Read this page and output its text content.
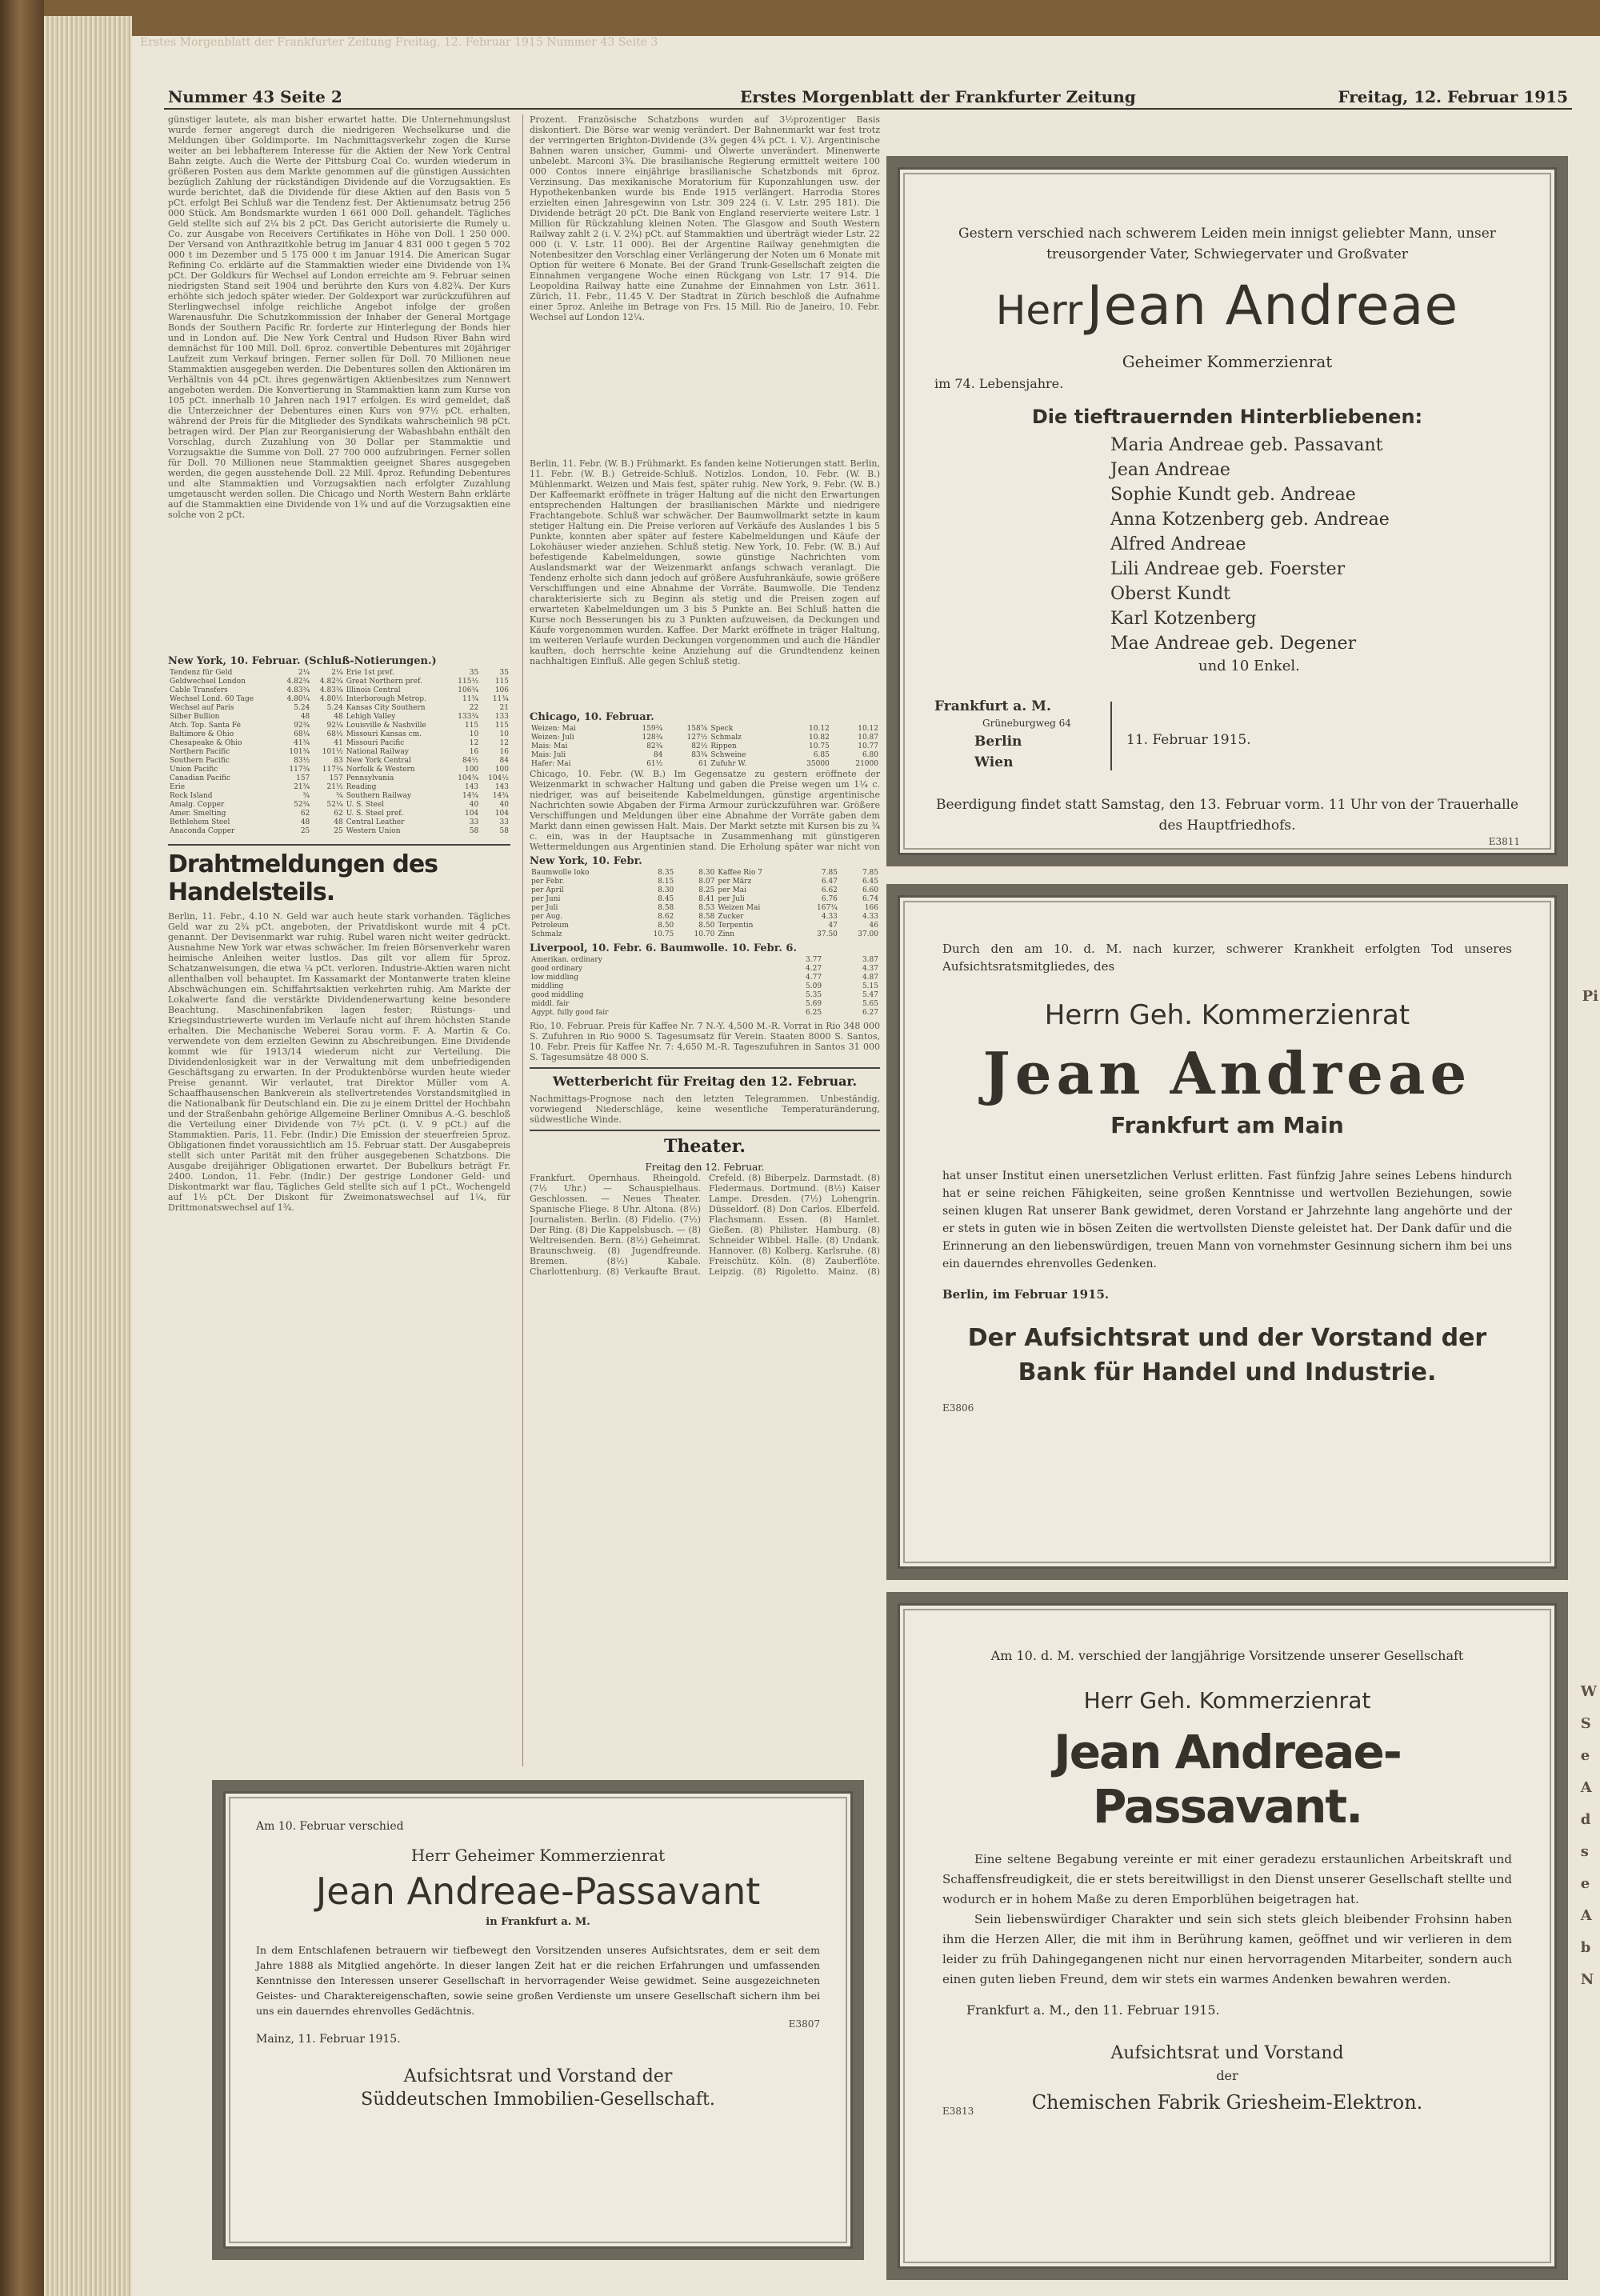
Erstes Morgenblatt der Frankfurter Zeitung Freitag, 12. Februar 1915 Nummer 43 Seite 3
Nummer 43 Seite 2	Erstes Morgenblatt der Frankfurter Zeitung	Freitag, 12. Februar 1915

günstiger lautete, als man bisher erwartet hatte. Die Unternehmungslust wurde ferner angeregt durch die niedrigeren Wechselkurse und die Meldungen über Goldimporte. Im Nachmittagsverkehr zogen die Kurse weiter an bei lebhafterem Interesse für die Aktien der New York Central Bahn zeigte. Auch die Werte der Pittsburg Coal Co. wurden wiederum in größeren Posten aus dem Markte genommen auf die günstigen Aussichten bezüglich Zahlung der rückständigen Dividende auf die Vorzugsaktien. Es wurde berichtet, daß die Dividende für diese Aktien auf den Basis von 5 pCt. erfolgt Bei Schluß war die Tendenz fest. Der Aktienumsatz betrug 256 000 Stück. Am Bondsmarkte wurden 1 661 000 Doll. gehandelt. Tägliches Geld stellte sich auf 2¼ bis 2 pCt. Das Gericht autorisierte die Rumely u. Co. zur Ausgabe von Receivers Certifikates in Höhe von Doll. 1 250 000. Der Versand von Anthrazitkohle betrug im Januar 4 831 000 t gegen 5 702 000 t im Dezember und 5 175 000 t im Januar 1914. Die American Sugar Refining Co. erklärte auf die Stammaktien wieder eine Dividende von 1¾ pCt. Der Goldkurs für Wechsel auf London erreichte am 9. Februar seinen niedrigsten Stand seit 1904 und berührte den Kurs von 4.82¾. Der Kurs erhöhte sich jedoch später wieder. Der Goldexport war zurückzuführen auf Sterlingwechsel infolge reichliche Angebot infolge der großen Warenausfuhr. Die Schutzkommission der Inhaber der General Mortgage Bonds der Southern Pacific Rr. forderte zur Hinterlegung der Bonds hier und in London auf. Die New York Central und Hudson River Bahn wird demnächst für 100 Mill. Doll. 6proz. convertible Debentures mit 20jähriger Laufzeit zum Verkauf bringen. Ferner sollen für Doll. 70 Millionen neue Stammaktien ausgegeben werden. Die Debentures sollen den Aktionären im Verhältnis von 44 pCt. ihres gegenwärtigen Aktienbesitzes zum Nennwert angeboten werden. Die Konvertierung in Stammaktien kann zum Kurse von 105 pCt. innerhalb 10 Jahren nach 1917 erfolgen. Es wird gemeldet, daß die Unterzeichner der Debentures einen Kurs von 97½ pCt. erhalten, während der Preis für die Mitglieder des Syndikats wahrscheinlich 98 pCt. betragen wird. Der Plan zur Reorganisierung der Wabashbahn enthält den Vorschlag, durch Zuzahlung von 30 Dollar per Stammaktie und Vorzugsaktie die Summe von Doll. 27 700 000 aufzubringen. Ferner sollen für Doll. 70 Millionen neue Stammaktien geeignet Shares ausgegeben werden, die gegen ausstehende Doll. 22 Mill. 4proz. Refunding Debentures und alte Stammaktien und Vorzugsaktien nach erfolgter Zuzahlung umgetauscht werden sollen. Die Chicago und North Western Bahn erklärte auf die Stammaktien eine Dividende von 1¾ und auf die Vorzugsaktien eine solche von 2 pCt.

New York, 10. Februar. (Schluß-Notierungen.)
Tendenz für Geld	2¼	2¼	Erie 1st pref.	35	35
Geldwechsel London	4.82¾	4.82¾	Great Northern pref.	115½	115
Cable Transfers	4.83¾	4.83¾	Illinois Central	106¾	106
Wechsel Lond. 60 Tage	4.80¼	4.80½	Interborough Metrop.	11¾	11¾
Wechsel auf Paris	5.24	5.24	Kansas City Southern	22	21
Silber Bullion	48	48	Lehigh Valley	133¾	133
Atch. Top. Santa Fé	92¾	92¼	Louisville & Nashville	115	115
Baltimore & Ohio	68¼	68½	Missouri Kansas cm.	10	10
Chesapeake & Ohio	41¾	41	Missouri Pacific	12	12
Northern Pacific	101¾	101½	National Railway	16	16
Southern Pacific	83½	83	New York Central	84½	84
Union Pacific	117¾	117¾	Norfolk & Western	100	100
Canadian Pacific	157	157	Pennsylvania	104¾	104½
Erie	21¾	21½	Reading	143	143
Rock Island	¾	¾	Southern Railway	14¾	14¾
Amalg. Copper	52¾	52¼	U. S. Steel	40	40
Amer. Smelting	62	62	U. S. Steel pref.	104	104
Bethlehem Steel	48	48	Central Leather	33	33
Anaconda Copper	25	25	Western Union	58	58
Drahtmeldungen des Handelsteils.

Berlin, 11. Febr., 4.10 N. Geld war auch heute stark vorhanden. Tägliches Geld war zu 2¾ pCt. angeboten, der Privatdiskont wurde mit 4 pCt. genannt. Der Devisenmarkt war ruhig. Rubel waren nicht weiter gedrückt. Ausnahme New York war etwas schwächer. Im freien Börsenverkehr waren heimische Anleihen weiter lustlos. Das gilt vor allem für 5proz. Schatzanweisungen, die etwa ¼ pCt. verloren. Industrie-Aktien waren nicht allenthalben voll behauptet. Im Kassamarkt der Montanwerte traten kleine Abschwächungen ein. Schiffahrtsaktien verkehrten ruhig. Am Markte der Lokalwerte fand die verstärkte Dividendenerwartung keine besondere Beachtung. Maschinenfabriken lagen fester; Rüstungs- und Kriegsindustriewerte wurden im Verlaufe nicht auf ihrem höchsten Stande erhalten. Die Mechanische Weberei Sorau vorm. F. A. Martin & Co. verwendete von dem erzielten Gewinn zu Abschreibungen. Eine Dividende kommt wie für 1913/14 wiederum nicht zur Verteilung. Die Dividendenlosigkeit war in der Verwaltung mit dem unbefriedigenden Geschäftsgang zu erwarten. In der Produktenbörse wurden heute wieder Preise genannt. Wir verlautet, trat Direktor Müller vom A. Schaaffhausenschen Bankverein als stellvertretendes Vorstandsmitglied in die Nationalbank für Deutschland ein. Die zu je einem Drittel der Hochbahn und der Straßenbahn gehörige Allgemeine Berliner Omnibus A.-G. beschloß die Verteilung einer Dividende von 7½ pCt. (i. V. 9 pCt.) auf die Stammaktien. Paris, 11. Febr. (Indir.) Die Emission der steuerfreien 5proz. Obligationen findet voraussichtlich am 15. Februar statt. Der Ausgabepreis stellt sich unter Parität mit den früher ausgegebenen Schatzbons. Die Ausgabe dreijähriger Obligationen erwartet. Der Bubelkurs beträgt Fr. 2400. London, 11. Febr. (Indir.) Der gestrige Londoner Geld- und Diskontmarkt war flau, Tägliches Geld stellte sich auf 1 pCt., Wochengeld auf 1½ pCt. Der Diskont für Zweimonatswechsel auf 1¼, für Drittmonatswechsel auf 1¾.

Prozent. Französische Schatzbons wurden auf 3½prozentiger Basis diskontiert. Die Börse war wenig verändert. Der Bahnenmarkt war fest trotz der verringerten Brighton-Dividende (3¾ gegen 4¾ pCt. i. V.). Argentinische Bahnen waren unsicher, Gummi- und Ölwerte unverändert. Minenwerte unbelebt. Marconi 3¾. Die brasilianische Regierung ermittelt weitere 100 000 Contos innere einjährige brasilianische Schatzbonds mit 6proz. Verzinsung. Das mexikanische Moratorium für Kuponzahlungen usw. der Hypothekenbanken wurde bis Ende 1915 verlängert. Harrodia Stores erzielten einen Jahresgewinn von Lstr. 309 224 (i. V. Lstr. 295 181). Die Dividende beträgt 20 pCt. Die Bank von England reservierte weitere Lstr. 1 Million für Rückzahlung kleinen Noten. The Glasgow and South Western Railway zahlt 2 (i. V. 2¾) pCt. auf Stammaktien und überträgt wieder Lstr. 22 000 (i. V. Lstr. 11 000). Bei der Argentine Railway genehmigten die Notenbesitzer den Vorschlag einer Verlängerung der Noten um 6 Monate mit Option für weitere 6 Monate. Bei der Grand Trunk-Gesellschaft zeigten die Einnahmen vergangene Woche einen Rückgang von Lstr. 17 914. Die Leopoldina Railway hatte eine Zunahme der Einnahmen von Lstr. 3611. Zürich, 11. Febr., 11.45 V. Der Stadtrat in Zürich beschloß die Aufnahme einer 5proz. Anleihe im Betrage von Frs. 15 Mill. Rio de Janeiro, 10. Febr. Wechsel auf London 12¼.

Berlin, 11. Febr. (W. B.) Frühmarkt. Es fanden keine Notierungen statt. Berlin, 11. Febr. (W. B.) Getreide-Schluß. Notizlos. London, 10. Febr. (W. B.) Mühlenmarkt. Weizen und Mais fest, später ruhig. New York, 9. Febr. (W. B.) Der Kaffeemarkt eröffnete in träger Haltung auf die nicht den Erwartungen entsprechenden Haltungen der brasilianischen Märkte und niedrigere Frachtangebote. Schluß war schwächer. Der Baumwollmarkt setzte in kaum stetiger Haltung ein. Die Preise verloren auf Verkäufe des Auslandes 1 bis 5 Punkte, konnten aber später auf festere Kabelmeldungen und Käufe der Lokohäuser wieder anziehen. Schluß stetig. New York, 10. Febr. (W. B.) Auf befestigende Kabelmeldungen, sowie günstige Nachrichten vom Auslandsmarkt war der Weizenmarkt anfangs schwach veranlagt. Die Tendenz erholte sich dann jedoch auf größere Ausfuhrankäufe, sowie größere Verschiffungen und eine Abnahme der Vorräte. Baumwolle. Die Tendenz charakterisierte sich zu Beginn als stetig und die Preisen zogen auf erwarteten Kabelmeldungen um 3 bis 5 Punkte an. Bei Schluß hatten die Kurse noch Besserungen bis zu 3 Punkten aufzuweisen, da Deckungen und Käufe vorgenommen wurden. Kaffee. Der Markt eröffnete in träger Haltung, im weiteren Verlaufe wurden Deckungen vorgenommen und auch die Händler kauften, doch herrschte keine Anziehung auf die Grundtendenz keinen nachhaltigen Einfluß. Alle gegen Schluß stetig.

Chicago, 10. Februar.
Weizen: Mai	159¾	158⅞	Speck	10.12	10.12
Weizen: Juli	128¾	127½	Schmalz	10.82	10.87
Mais: Mai	82¾	82½	Rippen	10.75	10.77
Mais: Juli	84	83¾	Schweine	6.85	6.80
Hafer: Mai	61½	61	Zufuhr W.	35000	21000

Chicago, 10. Febr. (W. B.) Im Gegensatze zu gestern eröffnete der Weizenmarkt in schwacher Haltung und gaben die Preise wegen um 1¼ c. niedriger, was auf beiseitende Kabelmeldungen, günstige argentinische Nachrichten sowie Abgaben der Firma Armour zurückzuführen war. Größere Verschiffungen und Meldungen über eine Abnahme der Vorräte gaben dem Markt dann einen gewissen Halt. Mais. Der Markt setzte mit Kursen bis zu ¾ c. ein, was in der Hauptsache in Zusammenhang mit günstigeren Wettermeldungen aus Argentinien stand. Die Erholung später war nicht von

New York, 10. Febr.
Baumwolle loko	8.35	8.30	Kaffee Rio 7	7.85	7.85
per Febr.	8.15	8.07	per März	6.47	6.45
per April	8.30	8.25	per Mai	6.62	6.60
per Juni	8.45	8.41	per Juli	6.76	6.74
per Juli	8.58	8.53	Weizen Mai	167¾	166
per Aug.	8.62	8.58	Zucker	4.33	4.33
Petroleum	8.50	8.50	Terpentin	47	46
Schmalz	10.75	10.70	Zinn	37.50	37.00
Liverpool, 10. Febr. 6. Baumwolle. 10. Febr. 6.
Amerikan. ordinary	3.77	3.87
good ordinary	4.27	4.37
low middling	4.77	4.87
middling	5.09	5.15
good middling	5.35	5.47
middl. fair	5.69	5.65
Ägypt. fully good fair	6.25	6.27

Rio, 10. Februar. Preis für Kaffee Nr. 7 N.-Y. 4,500 M.-R. Vorrat in Rio 348 000 S. Zufuhren in Rio 9000 S. Tagesumsatz für Verein. Staaten 8000 S. Santos, 10. Febr. Preis für Kaffee Nr. 7: 4,650 M.-R. Tageszufuhren in Santos 31 000 S. Tagesumsätze 48 000 S.

Wetterbericht für Freitag den 12. Februar.

Nachmittags-Prognose nach den letzten Telegrammen. Unbeständig, vorwiegend Niederschläge, keine wesentliche Temperaturänderung, südwestliche Winde.

Theater.
Freitag den 12. Februar.

Frankfurt. Opernhaus. Rheingold. (7½ Uhr.) — Schauspielhaus. Geschlossen. — Neues Theater. Spanische Fliege. 8 Uhr. Altona. (8½) Journalisten. Berlin. (8) Fidelio. (7½) Der Ring. (8) Die Kappelsbusch. — (8) Weltreisenden. Bern. (8½) Geheimrat. Braunschweig. (8) Jugendfreunde. Bremen. (8½) Kabale. Charlottenburg. (8) Verkaufte Braut. Crefeld. (8) Biberpelz. Darmstadt. (8) Fledermaus. Dortmund. (8½) Kaiser Lampe. Dresden. (7½) Lohengrin. Düsseldorf. (8) Don Carlos. Elberfeld. Flachsmann. Essen. (8) Hamlet. Gießen. (8) Philister. Hamburg. (8) Schneider Wibbel. Halle. (8) Undank. Hannover. (8) Kolberg. Karlsruhe. (8) Freischütz. Köln. (8) Zauberflöte. Leipzig. (8) Rigoletto. Mainz. (8)

Gestern verschied nach schwerem Leiden mein innigst geliebter Mann, unser treusorgender Vater, Schwiegervater und Großvater
Herr Jean Andreae
Geheimer Kommerzienrat
im 74. Lebensjahre.
Die tieftrauernden Hinterbliebenen:
Maria Andreae geb. Passavant
Jean Andreae
Sophie Kundt geb. Andreae
Anna Kotzenberg geb. Andreae
Alfred Andreae
Lili Andreae geb. Foerster
Oberst Kundt
Karl Kotzenberg
Mae Andreae geb. Degener
und 10 Enkel.
Frankfurt a. M.
Grüneburgweg 64
Berlin
Wien
11. Februar 1915.
Beerdigung findet statt Samstag, den 13. Februar vorm. 11 Uhr von der Trauerhalle des Hauptfriedhofs.
E3811
Durch den am 10. d. M. nach kurzer, schwerer Krankheit erfolgten Tod unseres Aufsichtsratsmitgliedes, des
Herrn Geh. Kommerzienrat
Jean Andreae
Frankfurt am Main
hat unser Institut einen unersetzlichen Verlust erlitten. Fast fünfzig Jahre seines Lebens hindurch hat er seine reichen Fähigkeiten, seine großen Kenntnisse und wertvollen Beziehungen, sowie seinen klugen Rat unserer Bank gewidmet, deren Vorstand er Jahrzehnte lang angehörte und der er stets in guten wie in bösen Zeiten die wertvollsten Dienste geleistet hat. Der Dank dafür und die Erinnerung an den liebenswürdigen, treuen Mann von vornehmster Gesinnung sichern ihm bei uns ein dauerndes ehrenvolles Gedenken.
Berlin, im Februar 1915.
Der Aufsichtsrat und der Vorstand der
Bank für Handel und Industrie.
E3806
Am 10. d. M. verschied der langjährige Vorsitzende unserer Gesellschaft
Herr Geh. Kommerzienrat
Jean Andreae-Passavant.
Eine seltene Begabung vereinte er mit einer geradezu erstaunlichen Arbeitskraft und Schaffensfreudigkeit, die er stets bereitwilligst in den Dienst unserer Gesellschaft stellte und wodurch er in hohem Maße zu deren Emporblühen beigetragen hat.
Sein liebenswürdiger Charakter und sein sich stets gleich bleibender Frohsinn haben ihm die Herzen Aller, die mit ihm in Berührung kamen, geöffnet und wir verlieren in dem leider zu früh Dahingegangenen nicht nur einen hervorragenden Mitarbeiter, sondern auch einen guten lieben Freund, dem wir stets ein warmes Andenken bewahren werden.
Frankfurt a. M., den 11. Februar 1915.
Aufsichtsrat und Vorstand
der
Chemischen Fabrik Griesheim-Elektron.
E3813
Am 10. Februar verschied
Herr Geheimer Kommerzienrat
Jean Andreae-Passavant
in Frankfurt a. M.
In dem Entschlafenen betrauern wir tiefbewegt den Vorsitzenden unseres Aufsichtsrates, dem er seit dem Jahre 1888 als Mitglied angehörte. In dieser langen Zeit hat er die reichen Erfahrungen und umfassenden Kenntnisse den Interessen unserer Gesellschaft in hervorragender Weise gewidmet. Seine ausgezeichneten Geistes- und Charaktereigenschaften, sowie seine großen Verdienste um unsere Gesellschaft sichern ihm bei uns ein dauerndes ehrenvolles Gedächtnis.
E3807
Mainz, 11. Februar 1915.
Aufsichtsrat und Vorstand der
Süddeutschen Immobilien-Gesellschaft.
Pi
W
S
e
A
d
s
e
A
b
N
